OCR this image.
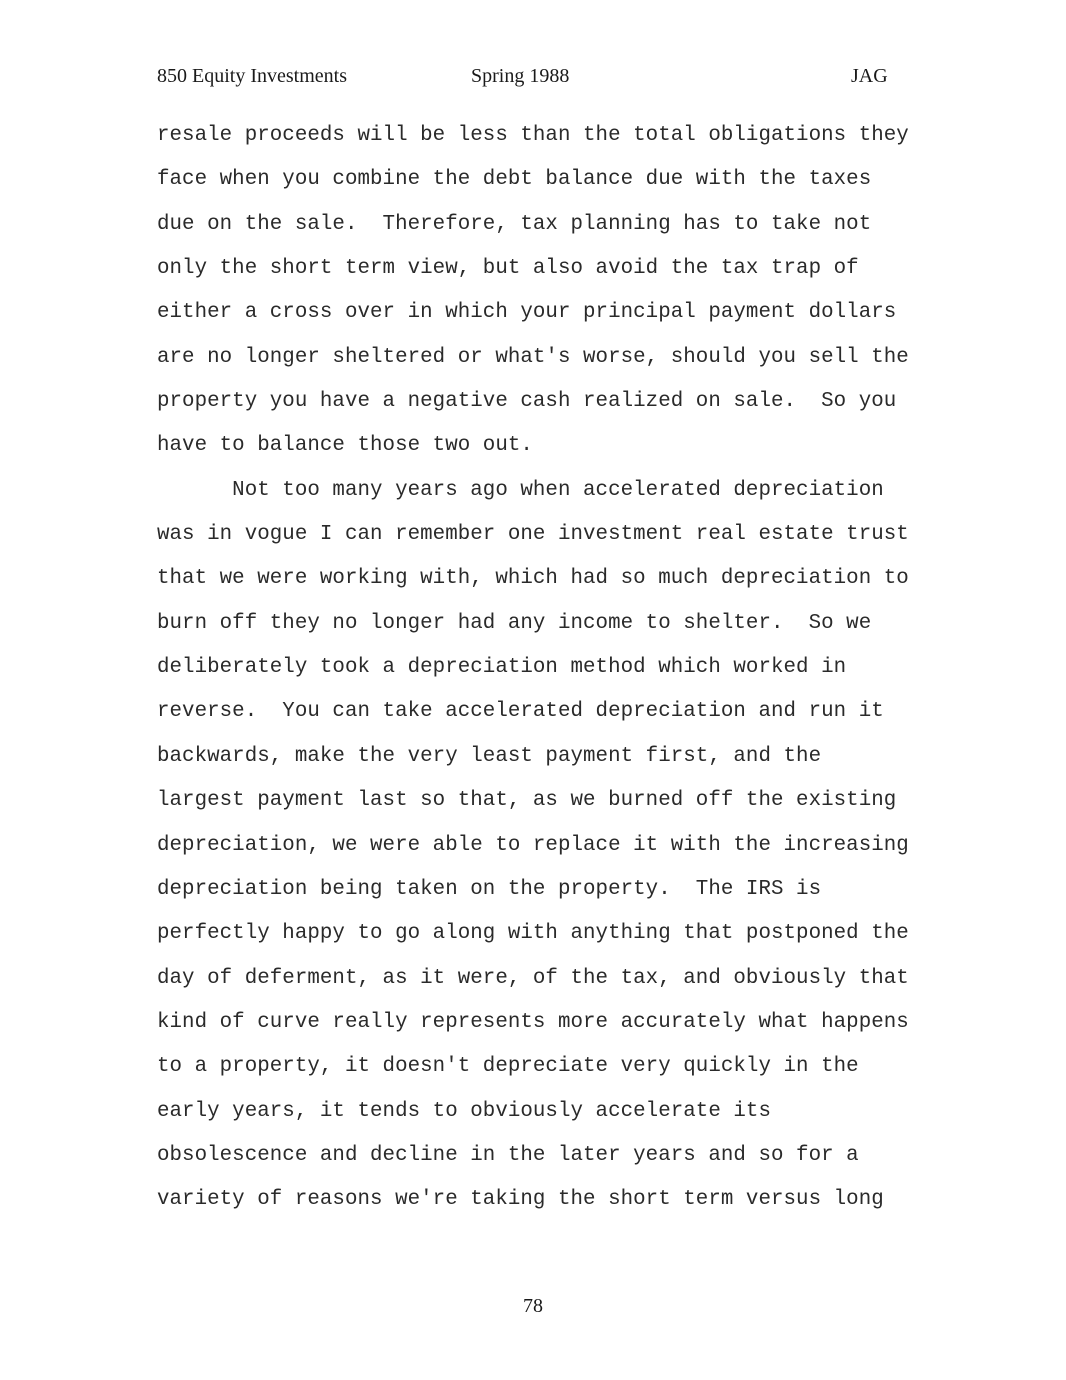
850 Equity Investments	Spring 1988	JAG
resale proceeds will be less than the total obligations they
face when you combine the debt balance due with the taxes
due on the sale.  Therefore, tax planning has to take not
only the short term view, but also avoid the tax trap of
either a cross over in which your principal payment dollars
are no longer sheltered or what's worse, should you sell the
property you have a negative cash realized on sale.  So you
have to balance those two out.
Not too many years ago when accelerated depreciation
was in vogue I can remember one investment real estate trust
that we were working with, which had so much depreciation to
burn off they no longer had any income to shelter.  So we
deliberately took a depreciation method which worked in
reverse.  You can take accelerated depreciation and run it
backwards, make the very least payment first, and the
largest payment last so that, as we burned off the existing
depreciation, we were able to replace it with the increasing
depreciation being taken on the property.  The IRS is
perfectly happy to go along with anything that postponed the
day of deferment, as it were, of the tax, and obviously that
kind of curve really represents more accurately what happens
to a property, it doesn't depreciate very quickly in the
early years, it tends to obviously accelerate its
obsolescence and decline in the later years and so for a
variety of reasons we're taking the short term versus long
78
